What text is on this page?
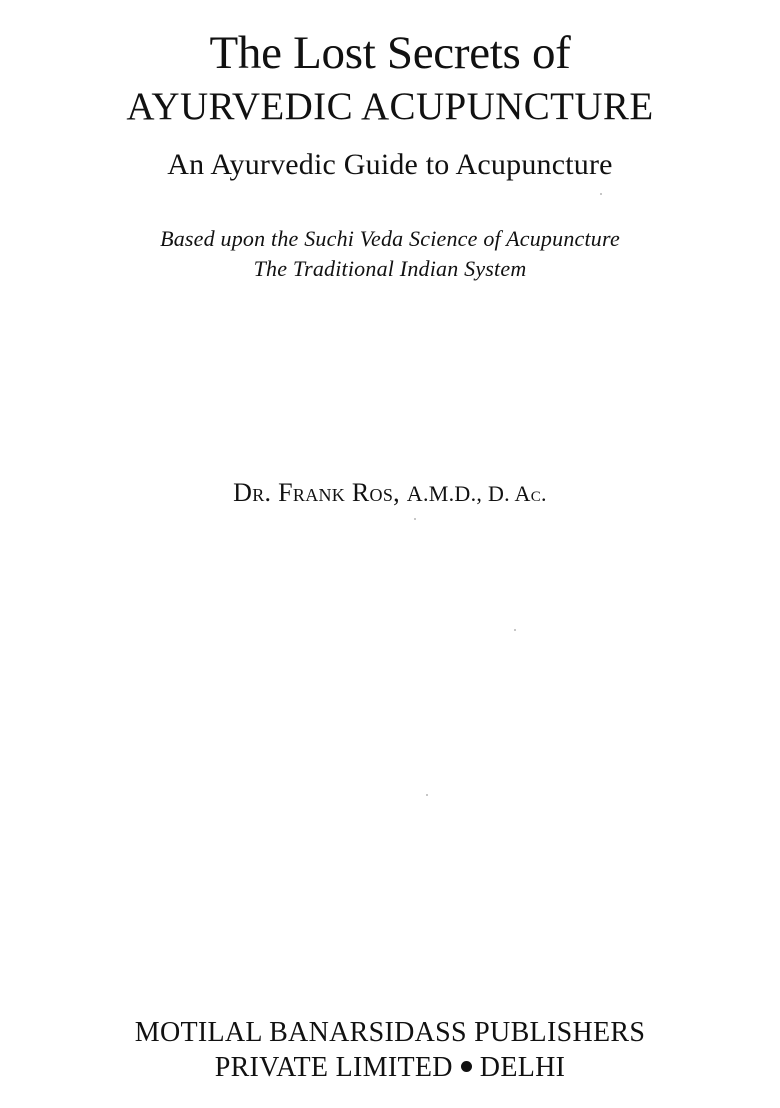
The Lost Secrets of
AYURVEDIC ACUPUNCTURE
An Ayurvedic Guide to Acupuncture
Based upon the Suchi Veda Science of Acupuncture
The Traditional Indian System
Dr. Frank Ros, A.M.D., D. Ac.
MOTILAL BANARSIDASS PUBLISHERS
PRIVATE LIMITED DELHI
